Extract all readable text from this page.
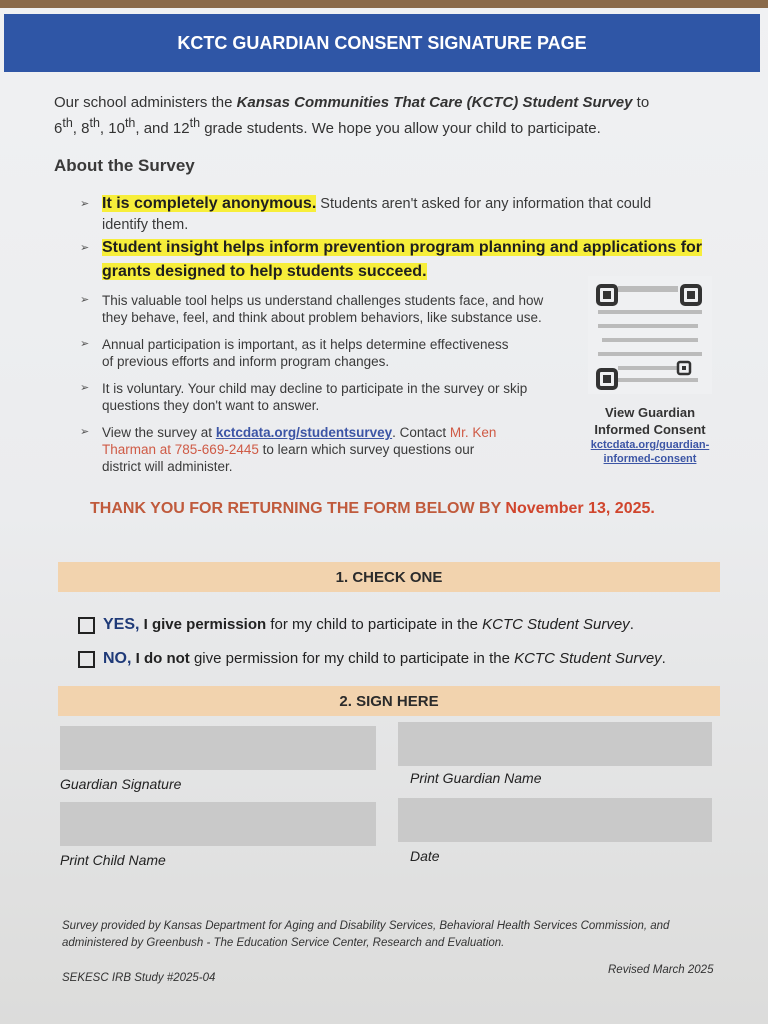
KCTC GUARDIAN CONSENT SIGNATURE PAGE
Our school administers the Kansas Communities That Care (KCTC) Student Survey to
6th, 8th, 10th, and 12th grade students. We hope you allow your child to participate.
About the Survey
➢ It is completely anonymous. Students aren't asked for any information that could identify them.
➢ Student insight helps inform prevention program planning and applications for grants designed to help students succeed.
➢ This valuable tool helps us understand challenges students face, and how they behave, feel, and think about problem behaviors, like substance use.
➢ Annual participation is important, as it helps determine effectiveness of previous efforts and inform program changes.
➢ It is voluntary. Your child may decline to participate in the survey or skip questions they don't want to answer.
➢ View the survey at kctcdata.org/studentsurvey. Contact Mr. Ken Tharman at 785-669-2445 to learn which survey questions our district will administer.
View Guardian Informed Consent
kctcdata.org/guardian-informed-consent
THANK YOU FOR RETURNING THE FORM BELOW BY November 13, 2025.
1. CHECK ONE
YES, I give permission for my child to participate in the KCTC Student Survey.
NO, I do not give permission for my child to participate in the KCTC Student Survey.
2. SIGN HERE
Guardian Signature	Print Guardian Name
Print Child Name	Date
Survey provided by Kansas Department for Aging and Disability Services, Behavioral Health Services Commission, and administered by Greenbush - The Education Service Center, Research and Evaluation.
SEKESC IRB Study #2025-04
Revised March 2025
